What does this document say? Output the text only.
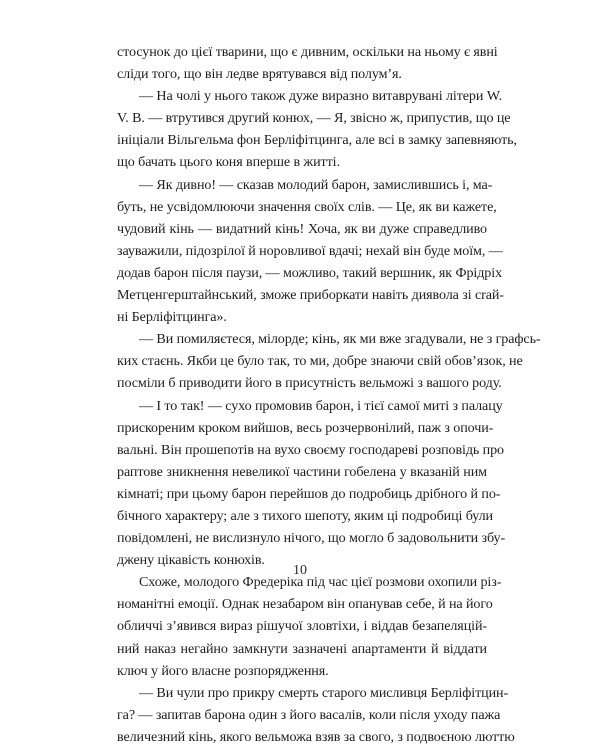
стосунок до цієї тварини, що є дивним, оскільки на ньому є явні
сліди того, що він ледве врятувався від полум’я.
— На чолі у нього також дуже виразно витавруванi літери W.
V. B. — втрутився другий конюх, — Я, звісно ж, припустив, що це
ініціали Вільгельма фон Берліфітцинга, але всі в замку запевняють,
що бачать цього коня вперше в житті.
— Як дивно! — сказав молодий барон, замислившись і, ма-
буть, не усвідомлюючи значення своїх слів. — Це, як ви кажете,
чудовий кінь — видатний кінь! Хоча, як ви дуже справедливо
зауважили, підозрілої й норовливої вдачі; нехай він буде моїм, —
додав барон після паузи, — можливо, такий вершник, як Фрідріх
Метценгерштайнський, зможе приборкати навіть диявола зі craй-
ні Берліфітцинга».
— Ви помиляєтеся, мілорде; кінь, як ми вже згадували, не з графсь-
ких стаєнь. Якби це було так, то ми, добре знаючи свій обов’язок, не
посміли б приводити його в присутність вельможі з вашого роду.
— І то так! — сухо промовив барон, і тієї самої миті з палацу
прискореним кроком вийшов, весь розчервонілий, паж з опочи-
вальні. Він прошепотів на вухо своєму господареві розповідь про
раптове зникнення невеликої частини гобелена у вказаній ним
кімнаті; при цьому барон перейшов до подробиць дрібного й по-
бічного характеру; але з тихого шепоту, яким ці подробиці були
повідомлені, не вислизнуло нічого, що могло б задовольнити збу-
джену цікавість конюхів.
Схоже, молодого Фредеріка під час цієї розмови охопили різ-
номанітні емоції. Однак незабаром він опанував себе, й на його
обличчі з’явився вираз рішучої зловтіхи, і віддав безапеляцій-
ний наказ негайно замкнути зазначені апартаменти й віддати
ключ у його власне розпорядження.
— Ви чули про прикру смерть старого мисливця Берліфітцин-
га? — запитав барона один з його васалів, коли після уходу пажа
величезний кінь, якого вельможа взяв за свого, з подвоєною люттю
10
